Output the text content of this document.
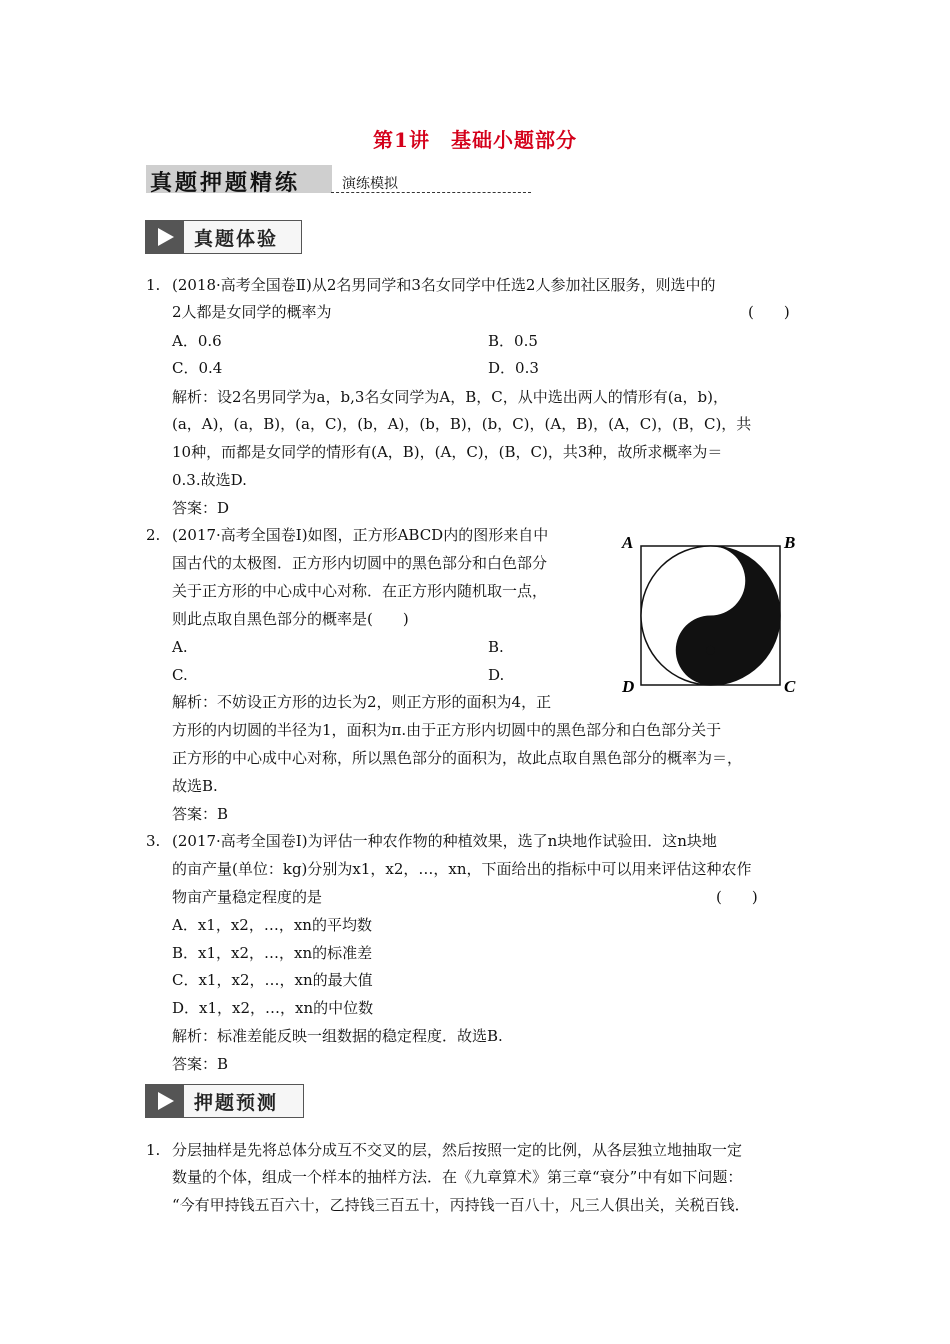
第1讲　基础小题部分
真题押题精练	演练模拟
真题体验
1. (2018·高考全国卷Ⅱ)从2名男同学和3名女同学中任选2人参加社区服务，则选中的
2人都是女同学的概率为	(　　)
A．0.6	B．0.5
C．0.4	D．0.3
解析：设2名男同学为a，b,3名女同学为A，B，C，从中选出两人的情形有(a，b)，
(a，A)，(a，B)，(a，C)，(b，A)，(b，B)，(b，C)，(A，B)，(A，C)，(B，C)，共
10种，而都是女同学的情形有(A，B)，(A，C)，(B，C)，共3种，故所求概率为＝
0.3.故选D.
答案：D
2. (2017·高考全国卷Ⅰ)如图，正方形ABCD内的图形来自中
国古代的太极图．正方形内切圆中的黑色部分和白色部分
关于正方形的中心成中心对称．在正方形内随机取一点，
则此点取自黑色部分的概率是(　　)
A.	B.
C.	D.
解析：不妨设正方形的边长为2，则正方形的面积为4，正
方形的内切圆的半径为1，面积为π.由于正方形内切圆中的黑色部分和白色部分关于
正方形的中心成中心对称，所以黑色部分的面积为，故此点取自黑色部分的概率为＝，
故选B.
答案：B
A	B
C
D
3. (2017·高考全国卷Ⅰ)为评估一种农作物的种植效果，选了n块地作试验田．这n块地
的亩产量(单位：kg)分别为x1，x2，…，xn，下面给出的指标中可以用来评估这种农作
物亩产量稳定程度的是	(　　)
A．x1，x2，…，xn的平均数
B．x1，x2，…，xn的标准差
C．x1，x2，…，xn的最大值
D．x1，x2，…，xn的中位数
解析：标准差能反映一组数据的稳定程度．故选B.
答案：B
押题预测
1. 分层抽样是先将总体分成互不交叉的层，然后按照一定的比例，从各层独立地抽取一定
数量的个体，组成一个样本的抽样方法．在《九章算术》第三章“衰分”中有如下问题：
“今有甲持钱五百六十，乙持钱三百五十，丙持钱一百八十，凡三人俱出关，关税百钱．
